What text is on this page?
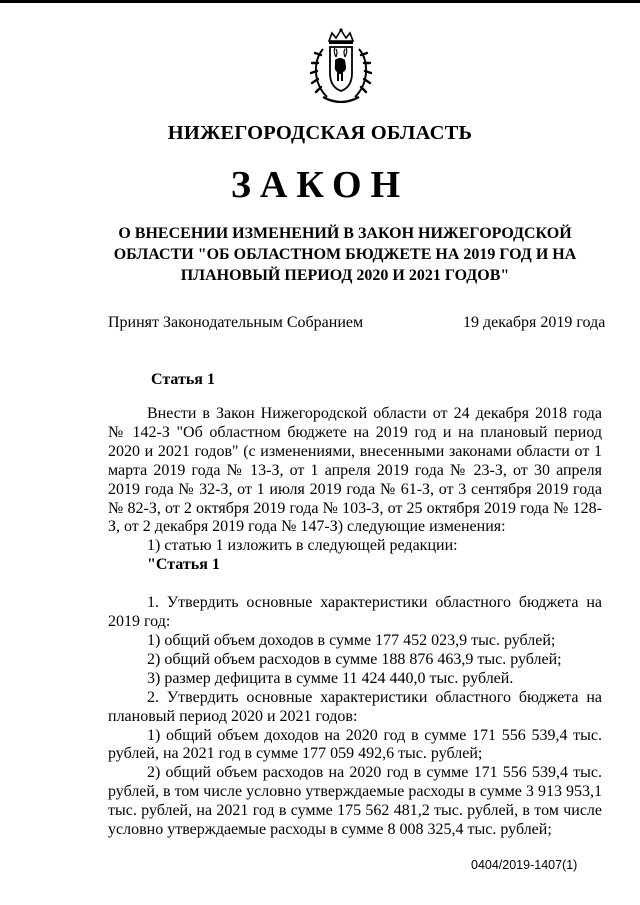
НИЖЕГОРОДСКАЯ ОБЛАСТЬ
ЗАКОН
О ВНЕСЕНИИ ИЗМЕНЕНИЙ В ЗАКОН НИЖЕГОРОДСКОЙ ОБЛАСТИ "ОБ ОБЛАСТНОМ БЮДЖЕТЕ НА 2019 ГОД И НА ПЛАНОВЫЙ ПЕРИОД 2020 И 2021 ГОДОВ"
Принят Законодательным Собранием	19 декабря 2019 года
Статья 1

Внести в Закон Нижегородской области от 24 декабря 2018 года № 142-З "Об областном бюджете на 2019 год и на плановый период 2020 и 2021 годов" (с изменениями, внесенными законами области от 1 марта 2019 года № 13-З, от 1 апреля 2019 года № 23-З, от 30 апреля 2019 года № 32-З, от 1 июля 2019 года № 61-З, от 3 сентября 2019 года № 82-З, от 2 октября 2019 года № 103-З, от 25 октября 2019 года № 128-З, от 2 декабря 2019 года № 147-З) следующие изменения:

1) статью 1 изложить в следующей редакции:

"Статья 1

1. Утвердить основные характеристики областного бюджета на 2019 год:

1) общий объем доходов в сумме 177 452 023,9 тыс. рублей;

2) общий объем расходов в сумме 188 876 463,9 тыс. рублей;

3) размер дефицита в сумме 11 424 440,0 тыс. рублей.

2. Утвердить основные характеристики областного бюджета на плановый период 2020 и 2021 годов:

1) общий объем доходов на 2020 год в сумме 171 556 539,4 тыс. рублей, на 2021 год в сумме 177 059 492,6 тыс. рублей;

2) общий объем расходов на 2020 год в сумме 171 556 539,4 тыс. рублей, в том числе условно утверждаемые расходы в сумме 3 913 953,1 тыс. рублей, на 2021 год в сумме 175 562 481,2 тыс. рублей, в том числе условно утверждаемые расходы в сумме 8 008 325,4 тыс. рублей;

0404/2019-1407(1)
